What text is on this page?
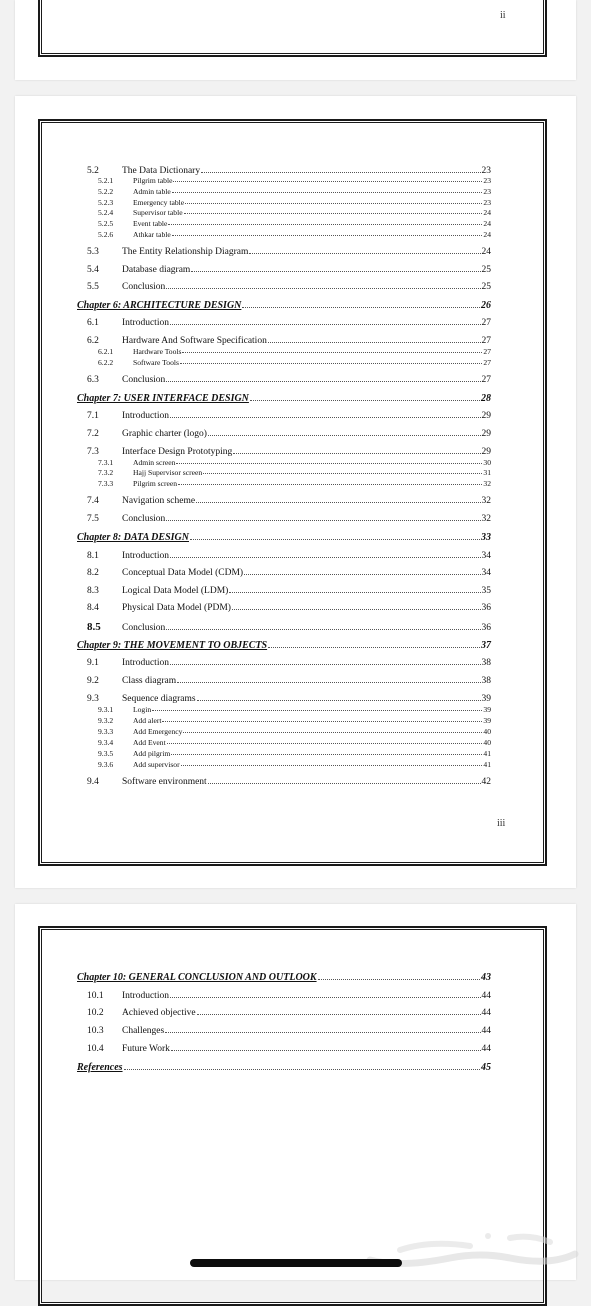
ii
5.2	The Data Dictionary	23
5.2.1	Pilgrim table	23
5.2.2	Admin table	23
5.2.3	Emergency table	23
5.2.4	Supervisor table	24
5.2.5	Event table	24
5.2.6	Athkar table	24
5.3	The Entity Relationship Diagram	24
5.4	Database diagram	25
5.5	Conclusion	25
Chapter 6: ARCHITECTURE DESIGN	26
6.1	Introduction	27
6.2	Hardware And Software Specification	27
6.2.1	Hardware Tools	27
6.2.2	Software Tools	27
6.3	Conclusion	27
Chapter 7: USER INTERFACE DESIGN	28
7.1	Introduction	29
7.2	Graphic charter (logo)	29
7.3	Interface Design Prototyping	29
7.3.1	Admin screen	30
7.3.2	Hajj Supervisor screen	31
7.3.3	Pilgrim screen	32
7.4	Navigation scheme	32
7.5	Conclusion	32
Chapter 8: DATA DESIGN	33
8.1	Introduction	34
8.2	Conceptual Data Model (CDM)	34
8.3	Logical Data Model (LDM)	35
8.4	Physical Data Model (PDM)	36
8.5	Conclusion	36
Chapter 9: THE MOVEMENT TO OBJECTS	37
9.1	Introduction	38
9.2	Class diagram	38
9.3	Sequence diagrams	39
9.3.1	Login	39
9.3.2	Add alert	39
9.3.3	Add Emergency	40
9.3.4	Add Event	40
9.3.5	Add pilgrim	41
9.3.6	Add supervisor	41
9.4	Software environment	42
iii
Chapter 10: GENERAL CONCLUSION AND OUTLOOK	43
10.1	Introduction	44
10.2	Achieved objective	44
10.3	Challenges	44
10.4	Future Work	44
References	45
